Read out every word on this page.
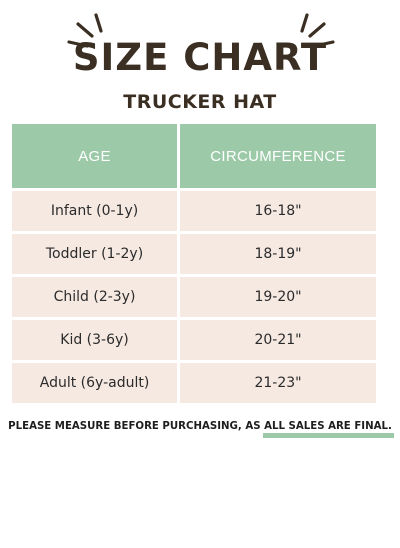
SIZE CHART
TRUCKER HAT
AGE	CIRCUMFERENCE
Infant (0-1y)	16-18"
Toddler (1-2y)	18-19"
Child (2-3y)	19-20"
Kid (3-6y)	20-21"
Adult (6y-adult)	21-23"
PLEASE MEASURE BEFORE PURCHASING, AS ALL SALES ARE FINAL.
